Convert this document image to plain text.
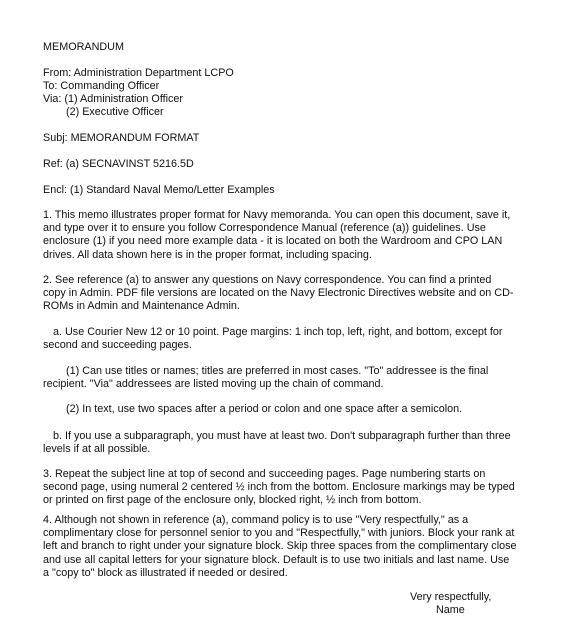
MEMORANDUM
From: Administration Department LCPO
To: Commanding Officer
Via: (1) Administration Officer
(2) Executive Officer
Subj: MEMORANDUM FORMAT
Ref: (a) SECNAVINST 5216.5D
Encl: (1) Standard Naval Memo/Letter Examples

1. This memo illustrates proper format for Navy memoranda. You can open this document, save it,

and type over it to ensure you follow Correspondence Manual (reference (a)) guidelines. Use

enclosure (1) if you need more example data - it is located on both the Wardroom and CPO LAN

drives. All data shown here is in the proper format, including spacing.

2. See reference (a) to answer any questions on Navy correspondence. You can find a printed

copy in Admin. PDF file versions are located on the Navy Electronic Directives website and on CD-

ROMs in Admin and Maintenance Admin.

a. Use Courier New 12 or 10 point. Page margins: 1 inch top, left, right, and bottom, except for

second and succeeding pages.

(1) Can use titles or names; titles are preferred in most cases. "To" addressee is the final

recipient. "Via" addressees are listed moving up the chain of command.

(2) In text, use two spaces after a period or colon and one space after a semicolon.

b. If you use a subparagraph, you must have at least two. Don't subparagraph further than three

levels if at all possible.

3. Repeat the subject line at top of second and succeeding pages. Page numbering starts on

second page, using numeral 2 centered ½ inch from the bottom. Enclosure markings may be typed

or printed on first page of the enclosure only, blocked right, ½ inch from bottom.

4. Although not shown in reference (a), command policy is to use "Very respectfully," as a

complimentary close for personnel senior to you and "Respectfully," with juniors. Block your rank at

left and branch to right under your signature block. Skip three spaces from the complimentary close

and use all capital letters for your signature block. Default is to use two initials and last name. Use

a "copy to" block as illustrated if needed or desired.

Very respectfully,
Name
